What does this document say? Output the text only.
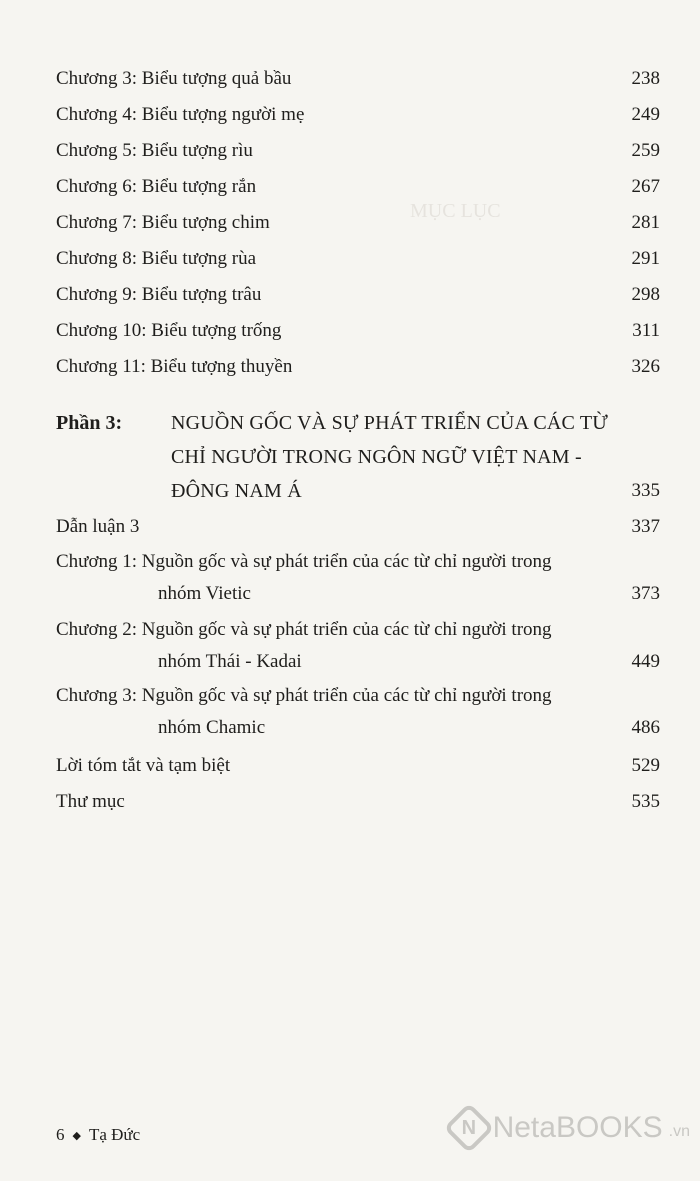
MỤC LỤC
Chương 3: Biểu tượng quả bầu	238
Chương 4: Biểu tượng người mẹ	249
Chương 5: Biểu tượng rìu	259
Chương 6: Biểu tượng rắn	267
Chương 7: Biểu tượng chim	281
Chương 8: Biểu tượng rùa	291
Chương 9: Biểu tượng trâu	298
Chương 10: Biểu tượng trống	311
Chương 11: Biểu tượng thuyền	326
Phần 3: NGUỒN GỐC VÀ SỰ PHÁT TRIỂN CỦA CÁC TỪ
CHỈ NGƯỜI TRONG NGÔN NGỮ VIỆT NAM -
ĐÔNG NAM Á	335
Dẫn luận 3	337
Chương 1: Nguồn gốc và sự phát triển của các từ chỉ người trong
nhóm Vietic	373
Chương 2: Nguồn gốc và sự phát triển của các từ chỉ người trong
nhóm Thái - Kadai	449
Chương 3: Nguồn gốc và sự phát triển của các từ chỉ người trong
nhóm Chamic	486
Lời tóm tắt và tạm biệt	529
Thư mục	535
6 ◆ Tạ Đức	N NetaBOOKS .vn
